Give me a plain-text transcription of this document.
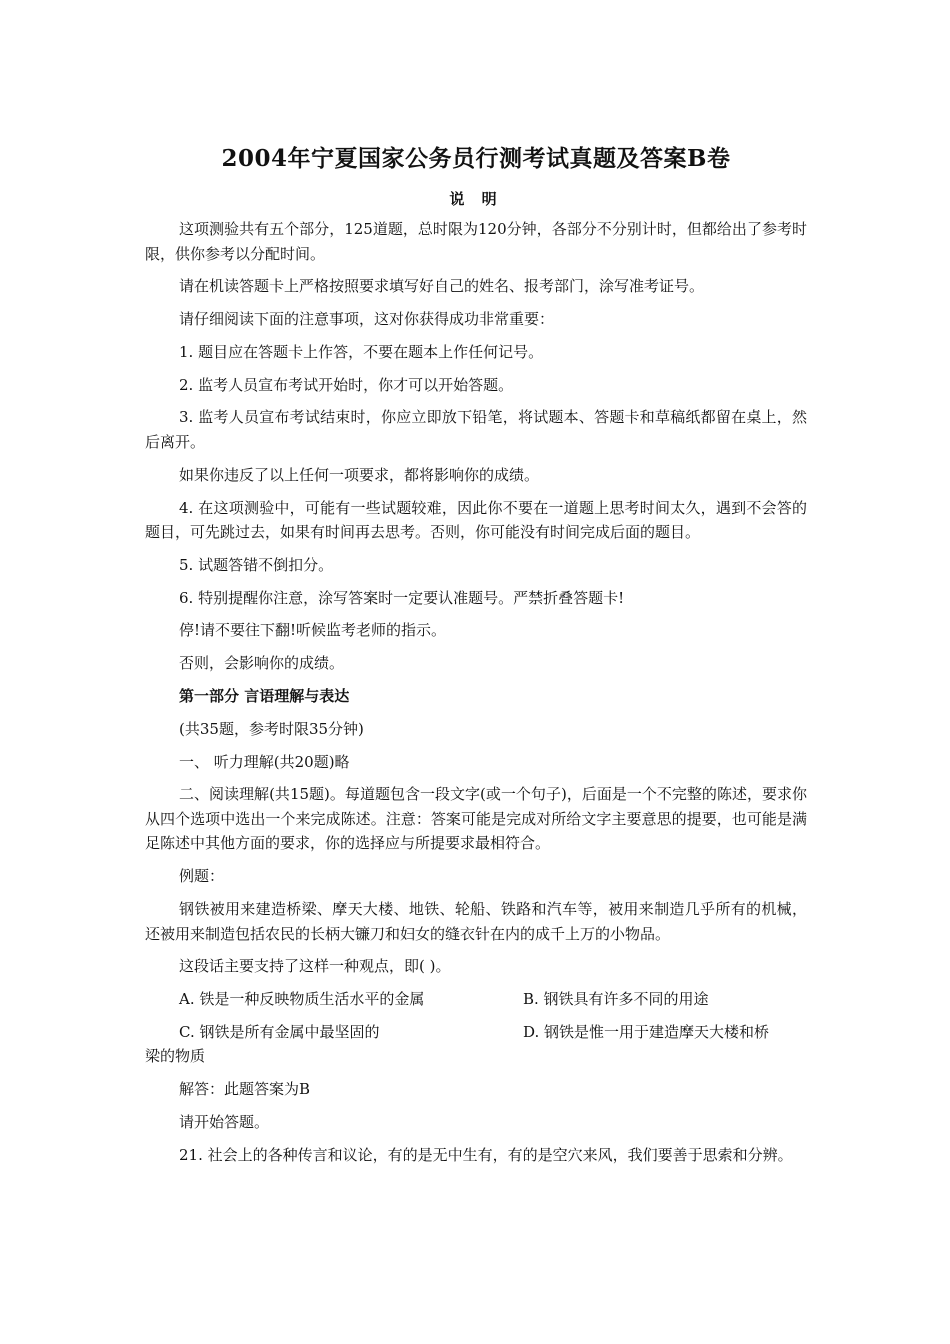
2004年宁夏国家公务员行测考试真题及答案B卷
说 明

这项测验共有五个部分，125道题，总时限为120分钟，各部分不分别计时，但都给出了参考时限，供你参考以分配时间。

请在机读答题卡上严格按照要求填写好自己的姓名、报考部门，涂写准考证号。

请仔细阅读下面的注意事项，这对你获得成功非常重要：

1. 题目应在答题卡上作答，不要在题本上作任何记号。

2. 监考人员宣布考试开始时，你才可以开始答题。

3. 监考人员宣布考试结束时，你应立即放下铅笔，将试题本、答题卡和草稿纸都留在桌上，然后离开。

如果你违反了以上任何一项要求，都将影响你的成绩。

4. 在这项测验中，可能有一些试题较难，因此你不要在一道题上思考时间太久，遇到不会答的题目，可先跳过去，如果有时间再去思考。否则，你可能没有时间完成后面的题目。

5. 试题答错不倒扣分。

6. 特别提醒你注意，涂写答案时一定要认准题号。严禁折叠答题卡!

停!请不要往下翻!听候监考老师的指示。

否则，会影响你的成绩。

第一部分 言语理解与表达

(共35题，参考时限35分钟)

一、 听力理解(共20题)略

二、阅读理解(共15题)。每道题包含一段文字(或一个句子)，后面是一个不完整的陈述，要求你从四个选项中选出一个来完成陈述。注意：答案可能是完成对所给文字主要意思的提要，也可能是满足陈述中其他方面的要求，你的选择应与所提要求最相符合。

例题：

钢铁被用来建造桥梁、摩天大楼、地铁、轮船、铁路和汽车等，被用来制造几乎所有的机械，还被用来制造包括农民的长柄大镰刀和妇女的缝衣针在内的成千上万的小物品。

这段话主要支持了这样一种观点，即( )。

A. 铁是一种反映物质生活水平的金属	B. 钢铁具有许多不同的用途
C. 钢铁是所有金属中最坚固的	D. 钢铁是惟一用于建造摩天大楼和桥
梁的物质

解答：此题答案为B

请开始答题。

21. 社会上的各种传言和议论，有的是无中生有，有的是空穴来风，我们要善于思索和分辨。
